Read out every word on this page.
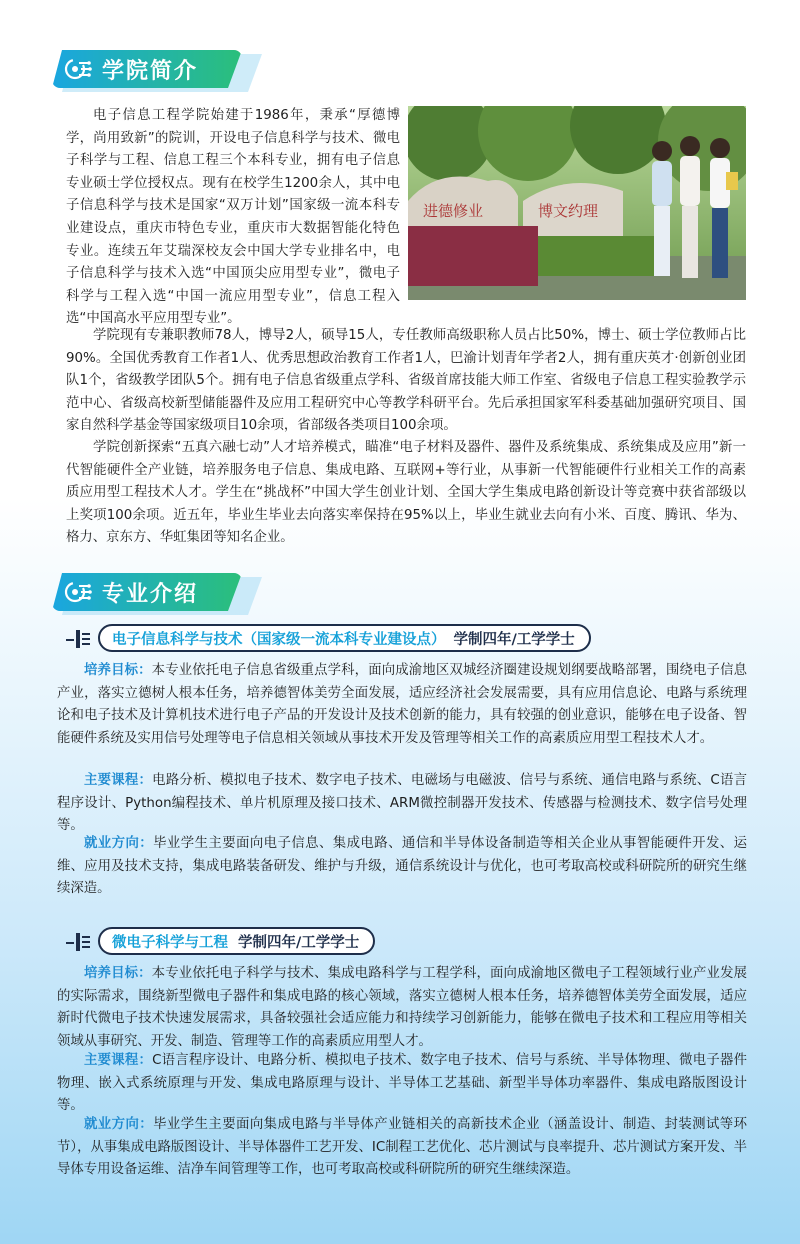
学院简介

电子信息工程学院始建于1986年，秉承“厚德博学，尚用致新”的院训，开设电子信息科学与技术、微电子科学与工程、信息工程三个本科专业，拥有电子信息专业硕士学位授权点。现有在校学生1200余人，其中电子信息科学与技术是国家“双万计划”国家级一流本科专业建设点，重庆市特色专业，重庆市大数据智能化特色专业。连续五年艾瑞深校友会中国大学专业排名中，电子信息科学与技术入选“中国顶尖应用型专业”，微电子科学与工程入选“中国一流应用型专业”，信息工程入选“中国高水平应用型专业”。

进德修业	博文约理

学院现有专兼职教师78人，博导2人，硕导15人，专任教师高级职称人员占比50%，博士、硕士学位教师占比90%。全国优秀教育工作者1人、优秀思想政治教育工作者1人，巴渝计划青年学者2人，拥有重庆英才·创新创业团队1个，省级教学团队5个。拥有电子信息省级重点学科、省级首席技能大师工作室、省级电子信息工程实验教学示范中心、省级高校新型储能器件及应用工程研究中心等教学科研平台。先后承担国家军科委基础加强研究项目、国家自然科学基金等国家级项目10余项，省部级各类项目100余项。

学院创新探索“五真六融七动”人才培养模式，瞄准“电子材料及器件、器件及系统集成、系统集成及应用”新一代智能硬件全产业链，培养服务电子信息、集成电路、互联网+等行业，从事新一代智能硬件行业相关工作的高素质应用型工程技术人才。学生在“挑战杯”中国大学生创业计划、全国大学生集成电路创新设计等竞赛中获省部级以上奖项100余项。近五年，毕业生毕业去向落实率保持在95%以上，毕业生就业去向有小米、百度、腾讯、华为、格力、京东方、华虹集团等知名企业。

专业介绍
电子信息科学与技术（国家级一流本科专业建设点） 学制四年/工学学士

培养目标：本专业依托电子信息省级重点学科，面向成渝地区双城经济圈建设规划纲要战略部署，围绕电子信息产业，落实立德树人根本任务，培养德智体美劳全面发展，适应经济社会发展需要，具有应用信息论、电路与系统理论和电子技术及计算机技术进行电子产品的开发设计及技术创新的能力，具有较强的创业意识，能够在电子设备、智能硬件系统及实用信号处理等电子信息相关领域从事技术开发及管理等相关工作的高素质应用型工程技术人才。

主要课程：电路分析、模拟电子技术、数字电子技术、电磁场与电磁波、信号与系统、通信电路与系统、C语言程序设计、Python编程技术、单片机原理及接口技术、ARM微控制器开发技术、传感器与检测技术、数字信号处理等。

就业方向：毕业学生主要面向电子信息、集成电路、通信和半导体设备制造等相关企业从事智能硬件开发、运维、应用及技术支持，集成电路装备研发、维护与升级，通信系统设计与优化，也可考取高校或科研院所的研究生继续深造。

微电子科学与工程 学制四年/工学学士

培养目标：本专业依托电子科学与技术、集成电路科学与工程学科，面向成渝地区微电子工程领域行业产业发展的实际需求，围绕新型微电子器件和集成电路的核心领域，落实立德树人根本任务，培养德智体美劳全面发展，适应新时代微电子技术快速发展需求，具备较强社会适应能力和持续学习创新能力，能够在微电子技术和工程应用等相关领域从事研究、开发、制造、管理等工作的高素质应用型人才。

主要课程：C语言程序设计、电路分析、模拟电子技术、数字电子技术、信号与系统、半导体物理、微电子器件物理、嵌入式系统原理与开发、集成电路原理与设计、半导体工艺基础、新型半导体功率器件、集成电路版图设计等。

就业方向：毕业学生主要面向集成电路与半导体产业链相关的高新技术企业（涵盖设计、制造、封装测试等环节），从事集成电路版图设计、半导体器件工艺开发、IC制程工艺优化、芯片测试与良率提升、芯片测试方案开发、半导体专用设备运维、洁净车间管理等工作，也可考取高校或科研院所的研究生继续深造。
